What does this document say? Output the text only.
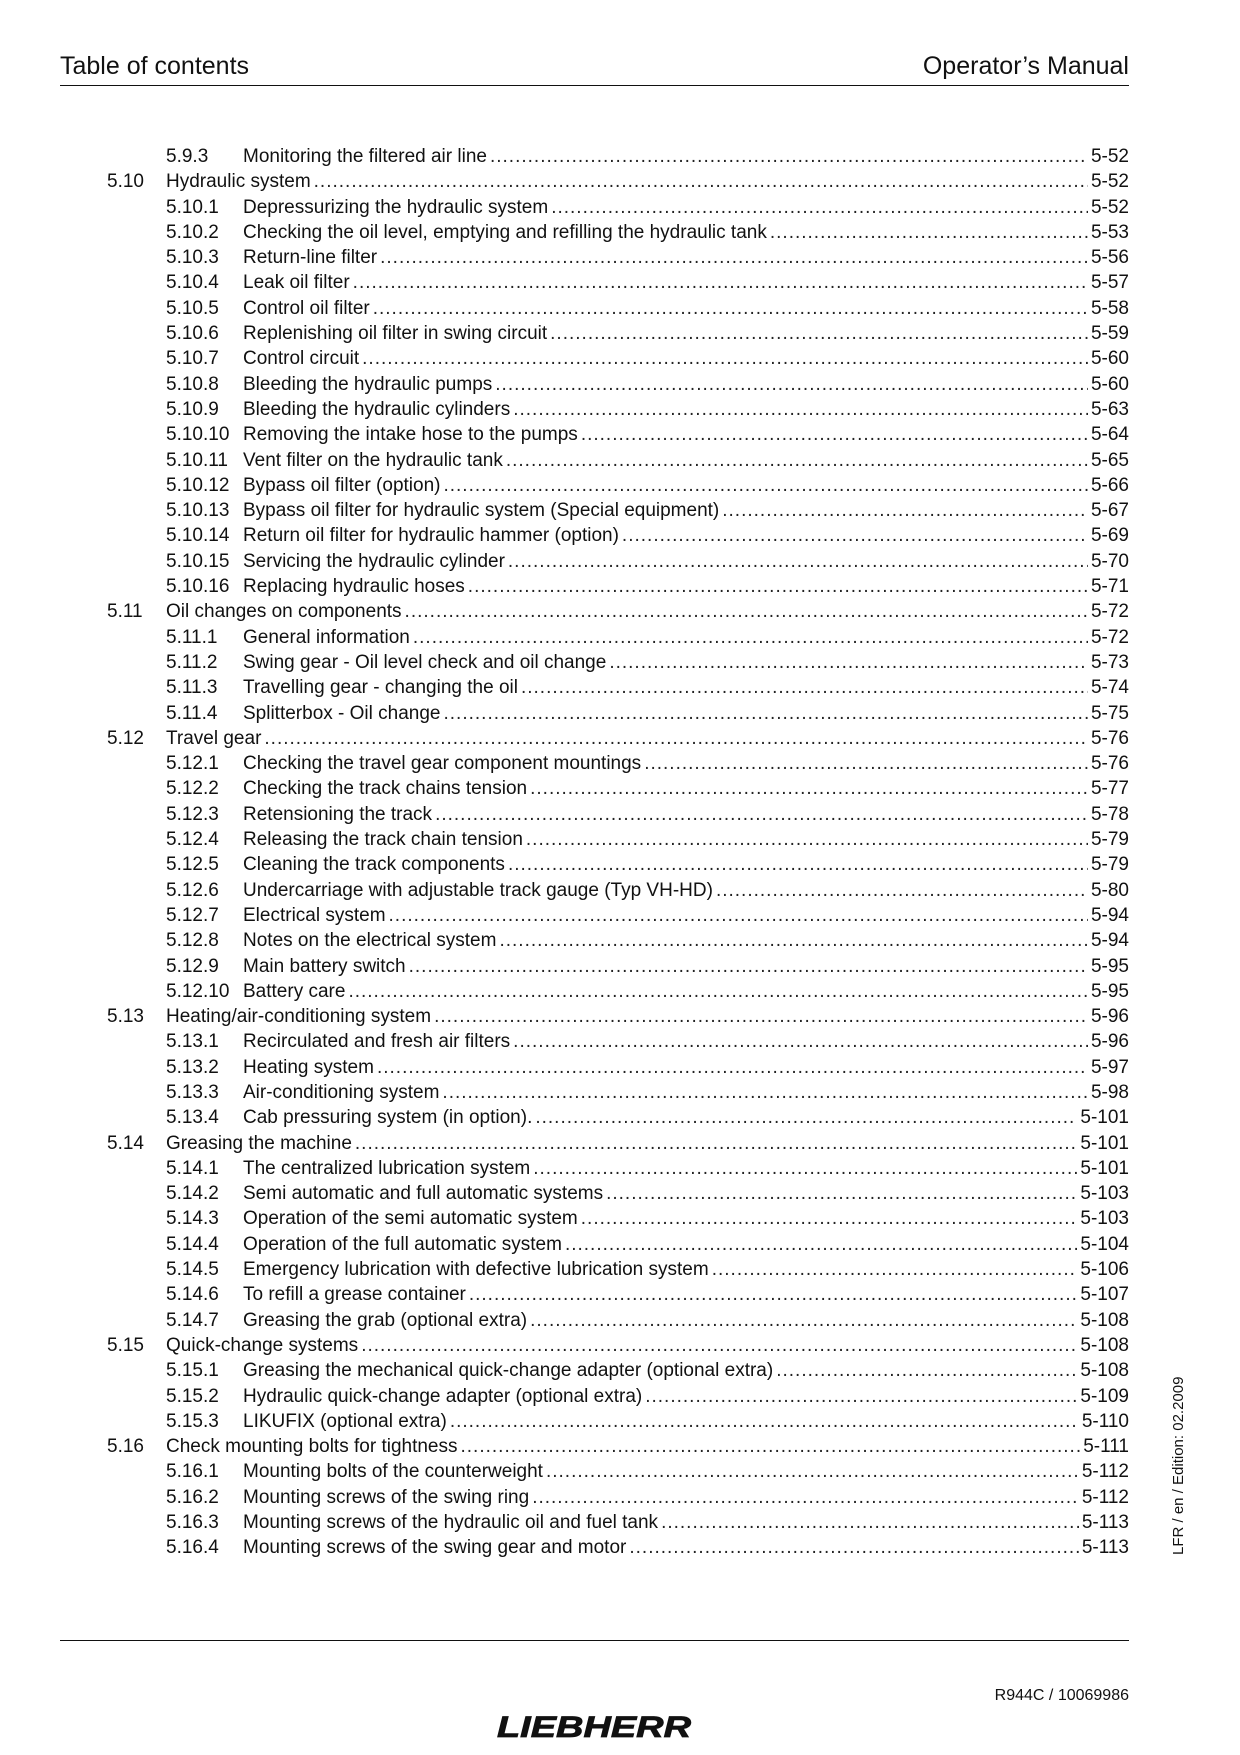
Table of contents	Operator’s Manual
5.9.3 Monitoring the filtered air line .....	5-52
5.10 Hydraulic system .....	5-52
5.10.1 Depressurizing the hydraulic system .....	5-52
5.10.2 Checking the oil level, emptying and refilling the hydraulic tank .....	5-53
5.10.3 Return-line filter .....	5-56
5.10.4 Leak oil filter .....	5-57
5.10.5 Control oil filter .....	5-58
5.10.6 Replenishing oil filter in swing circuit .....	5-59
5.10.7 Control circuit .....	5-60
5.10.8 Bleeding the hydraulic pumps .....	5-60
5.10.9 Bleeding the hydraulic cylinders .....	5-63
5.10.10 Removing the intake hose to the pumps .....	5-64
5.10.11 Vent filter on the hydraulic tank .....	5-65
5.10.12 Bypass oil filter (option) .....	5-66
5.10.13 Bypass oil filter for hydraulic system (Special equipment) .....	5-67
5.10.14 Return oil filter for hydraulic hammer (option) .....	5-69
5.10.15 Servicing the hydraulic cylinder .....	5-70
5.10.16 Replacing hydraulic hoses .....	5-71
5.11 Oil changes on components .....	5-72
5.11.1 General information .....	5-72
5.11.2 Swing gear - Oil level check and oil change .....	5-73
5.11.3 Travelling gear - changing the oil .....	5-74
5.11.4 Splitterbox - Oil change .....	5-75
5.12 Travel gear .....	5-76
5.12.1 Checking the travel gear component mountings .....	5-76
5.12.2 Checking the track chains tension .....	5-77
5.12.3 Retensioning the track .....	5-78
5.12.4 Releasing the track chain tension .....	5-79
5.12.5 Cleaning the track components .....	5-79
5.12.6 Undercarriage with adjustable track gauge (Typ VH-HD) .....	5-80
5.12.7 Electrical system .....	5-94
5.12.8 Notes on the electrical system .....	5-94
5.12.9 Main battery switch .....	5-95
5.12.10 Battery care .....	5-95
5.13 Heating/air-conditioning system .....	5-96
5.13.1 Recirculated and fresh air filters .....	5-96
5.13.2 Heating system .....	5-97
5.13.3 Air-conditioning system .....	5-98
5.13.4 Cab pressuring system (in option). .....	5-101
5.14 Greasing the machine .....	5-101
5.14.1 The centralized lubrication system .....	5-101
5.14.2 Semi automatic and full automatic systems .....	5-103
5.14.3 Operation of the semi automatic system .....	5-103
5.14.4 Operation of the full automatic system .....	5-104
5.14.5 Emergency lubrication with defective lubrication system .....	5-106
5.14.6 To refill a grease container .....	5-107
5.14.7 Greasing the grab (optional extra) .....	5-108
5.15 Quick-change systems .....	5-108
5.15.1 Greasing the mechanical quick-change adapter (optional extra) .....	5-108
5.15.2 Hydraulic quick-change adapter (optional extra) .....	5-109
5.15.3 LIKUFIX (optional extra) .....	5-110
5.16 Check mounting bolts for tightness .....	5-111
5.16.1 Mounting bolts of the counterweight .....	5-112
5.16.2 Mounting screws of the swing ring .....	5-112
5.16.3 Mounting screws of the hydraulic oil and fuel tank .....	5-113
5.16.4 Mounting screws of the swing gear and motor .....	5-113	LFR / en / Edition: 02.2009
R944C / 10069986
LIEBHERR
